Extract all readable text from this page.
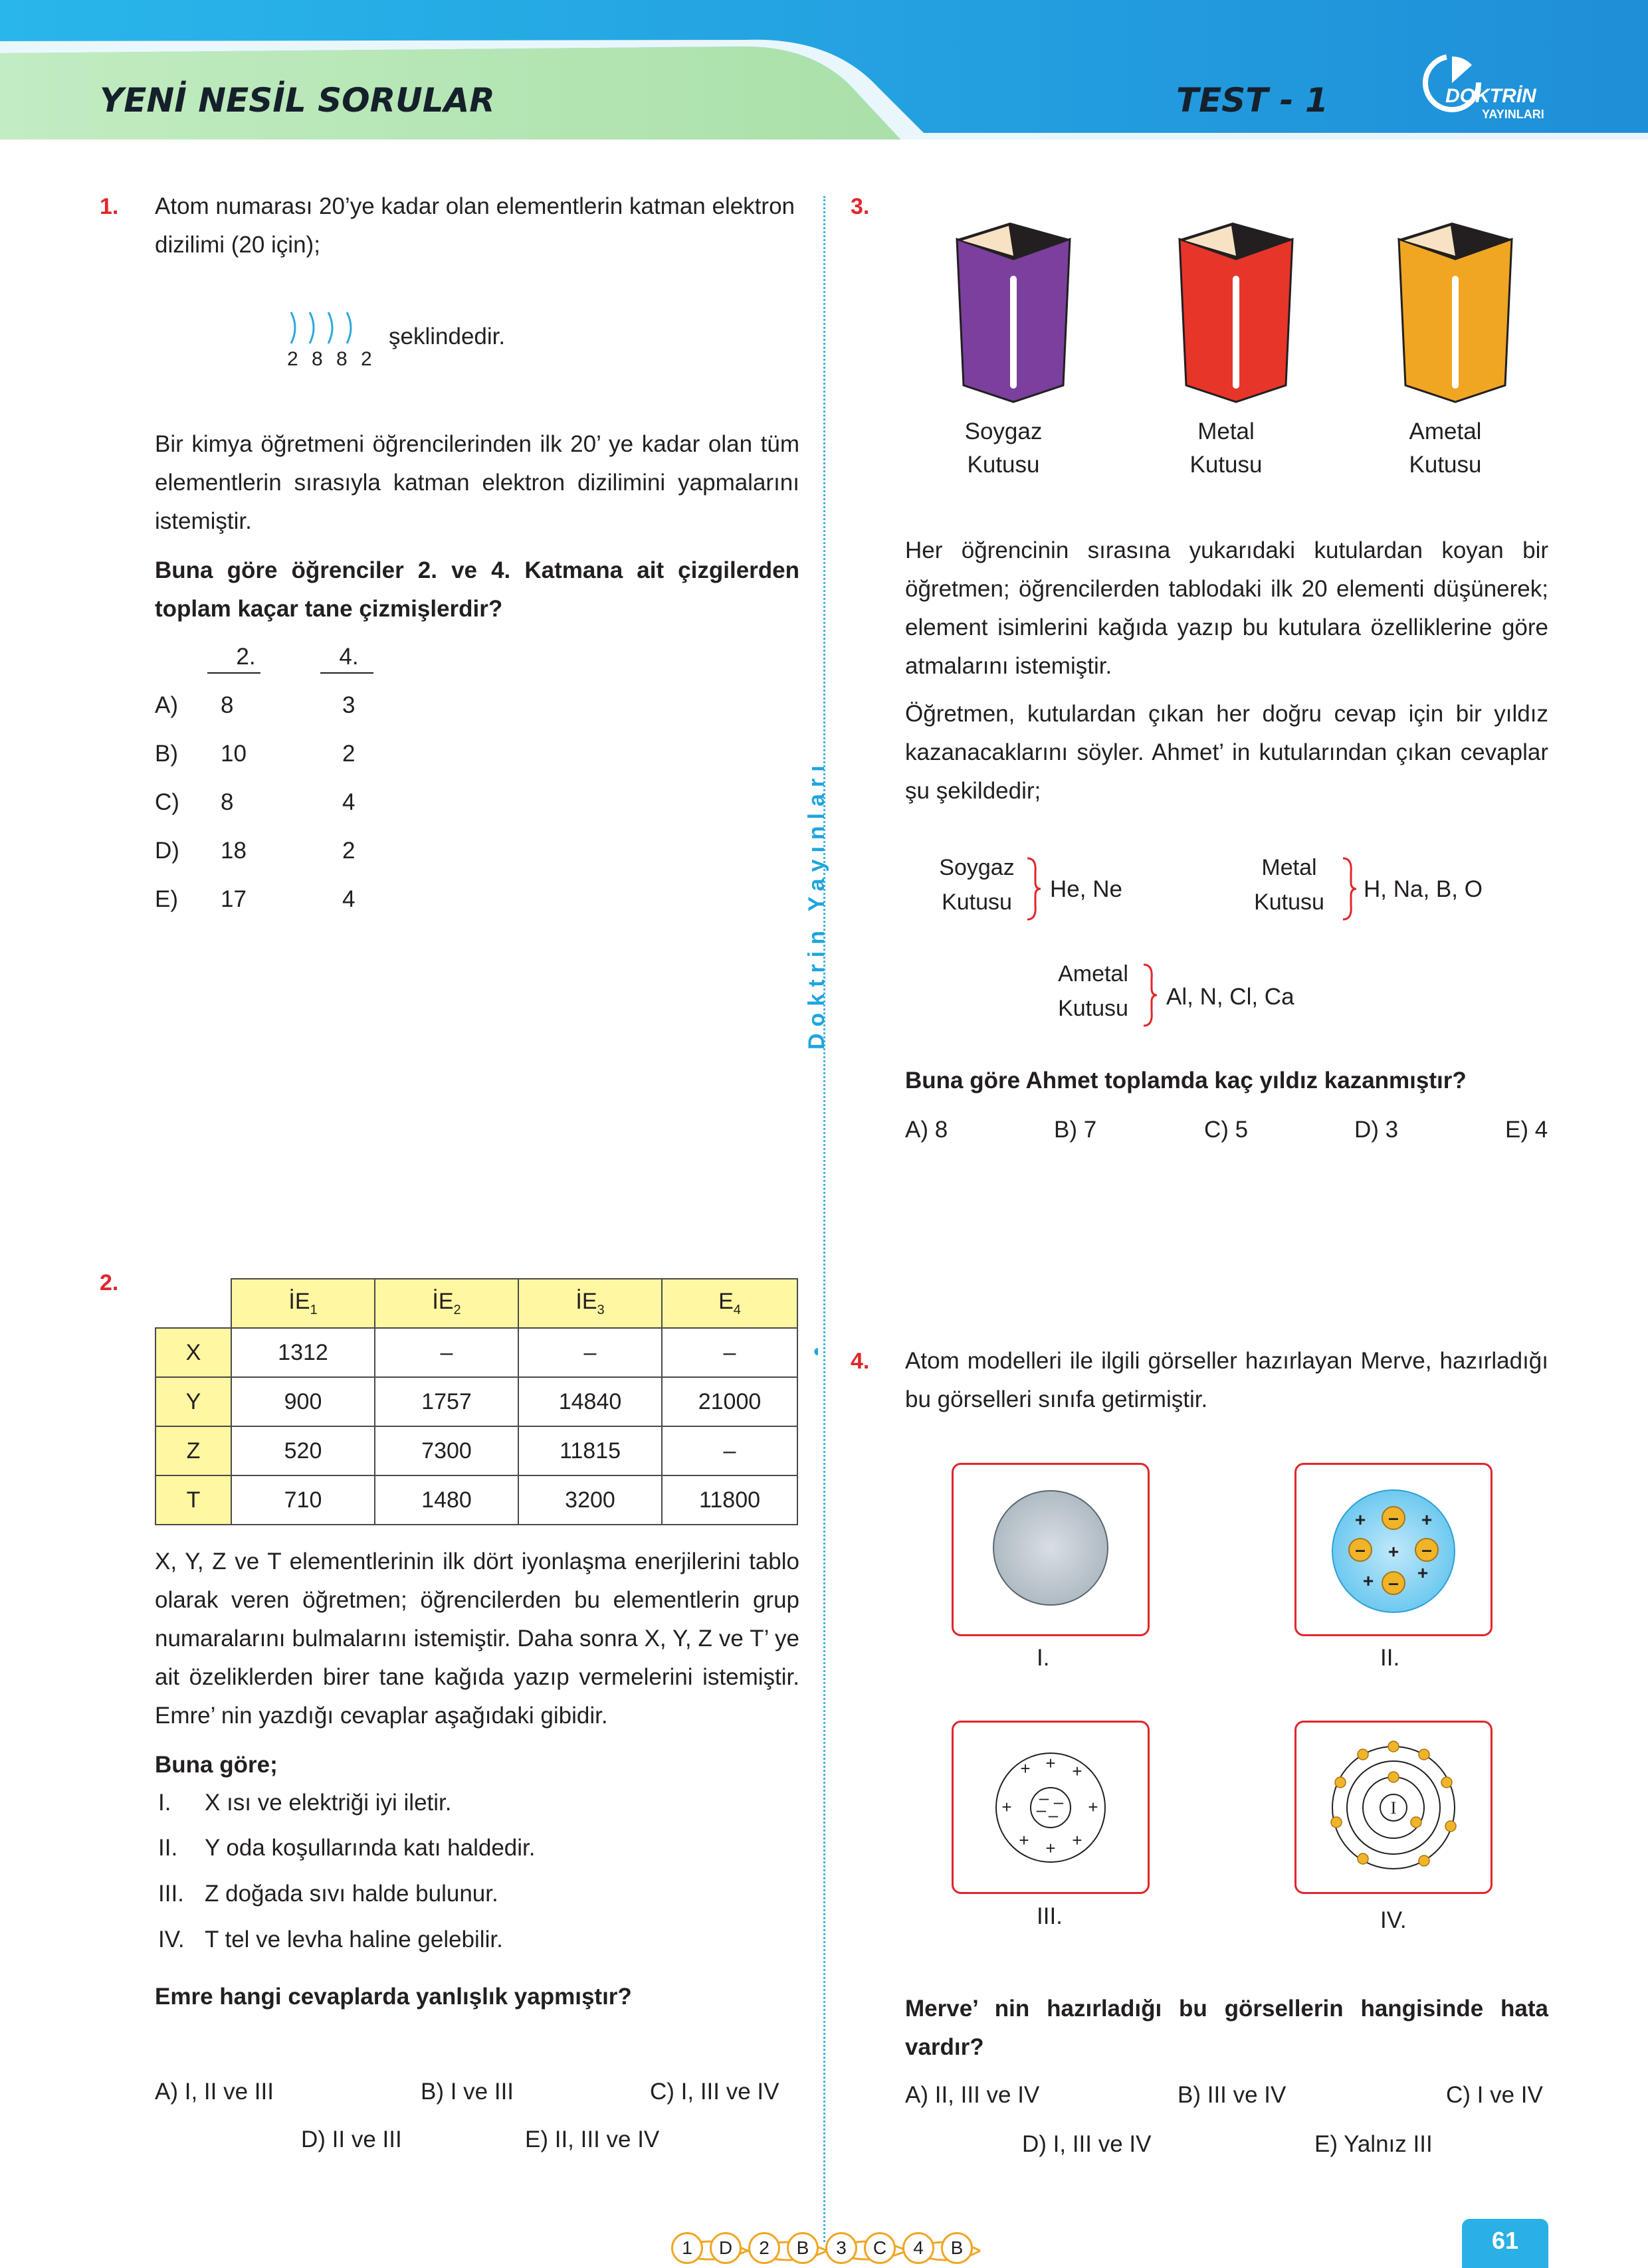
YENİ NESİL SORULAR	TEST - 1	DOKTRİN
YAYINLARI
Doktrin Yayınları
◐
1. Atom numarası 20’ye kadar olan elementlerin katman elektron dizilimi (20 için);
2 8 8 2
şeklindedir.
Bir kimya öğretmeni öğrencilerinden ilk 20’ ye kadar olan tüm elementlerin sırasıyla katman elektron dizilimini yapmalarını istemiştir.
Buna göre öğrenciler 2. ve 4. Katmana ait çizgilerden toplam kaçar tane çizmişlerdir?
2.	4.
A) 8	3
B) 10	2
C) 8	4
D) 18	2
E) 17	4
2.
	$İE_1$	$İE_2$	$İE_3$	$E_4$
X	1312	–	–	–
Y	900	1757	14840	21000
Z	520	7300	11815	–
T	710	1480	3200	11800
X, Y, Z ve T elementlerinin ilk dört iyonlaşma enerjilerini tablo olarak veren öğretmen; öğrencilerden bu elementlerin grup numaralarını bulmalarını istemiştir. Daha sonra X, Y, Z ve T’ ye ait özeliklerden birer tane kağıda yazıp vermelerini istemiştir. Emre’ nin yazdığı cevaplar aşağıdaki gibidir.
Buna göre;
I. X ısı ve elektriği iyi iletir.
II. Y oda koşullarında katı haldedir.
III. Z doğada sıvı halde bulunur.
IV. T tel ve levha haline gelebilir.
Emre hangi cevaplarda yanlışlık yapmıştır?
A) I, II ve III	B) I ve III	C) I, III ve IV
D) II ve III	E) II, III ve IV
3.
Soygaz
Kutusu
Metal
Kutusu
Ametal
Kutusu
Her öğrencinin sırasına yukarıdaki kutulardan koyan bir öğretmen; öğrencilerden tablodaki ilk 20 elementi düşünerek; element isimlerini kağıda yazıp bu kutulara özelliklerine göre atmalarını istemiştir.
Öğretmen, kutulardan çıkan her doğru cevap için bir yıldız kazanacaklarını söyler. Ahmet’ in kutularından çıkan cevaplar şu şekildedir;
Soygaz
Kutusu	He, Ne
Metal
Kutusu	H, Na, B, O
Ametal
Kutusu	Al, N, Cl, Ca
Buna göre Ahmet toplamda kaç yıldız kazanmıştır?
A) 8	B) 7	C) 5	D) 3	E) 4
4. Atom modelleri ile ilgili görseller hazırlayan Merve, hazırladığı bu görselleri sınıfa getirmiştir.
I.
–
–	–
–
+	+
+
+ +
II.
+ + +
+	+
+ + +
– –
– –
III.
I
IV.
Merve’ nin hazırladığı bu görsellerin hangisinde hata vardır?
A) II, III ve IV	B) III ve IV	C) I ve IV
D) I, III ve IV	E) Yalnız III
1	D	2	B	3	C	4	B	61
